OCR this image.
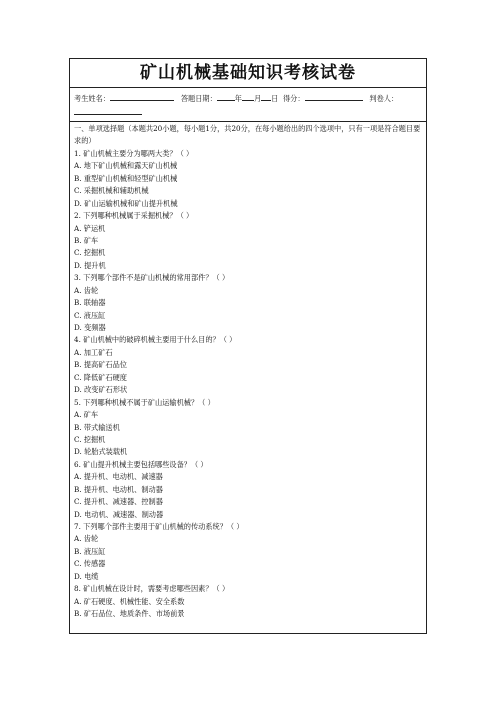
矿山机械基础知识考核试卷
考生姓名：	答题日期：	年 月 日 得分：	判卷人：
一、单项选择题（本题共20小题，每小题1分，共20分，在每小题给出的四个选项中，只有一项是符合题目要求的）
1. 矿山机械主要分为哪两大类？（ ）
A. 地下矿山机械和露天矿山机械
B. 重型矿山机械和轻型矿山机械
C. 采掘机械和辅助机械
D. 矿山运输机械和矿山提升机械
2. 下列哪种机械属于采掘机械？（ ）
A. 铲运机
B. 矿车
C. 挖掘机
D. 提升机
3. 下列哪个部件不是矿山机械的常用部件？（ ）
A. 齿轮
B. 联轴器
C. 液压缸
D. 变频器
4. 矿山机械中的破碎机械主要用于什么目的？（ ）
A. 加工矿石
B. 提高矿石品位
C. 降低矿石硬度
D. 改变矿石形状
5. 下列哪种机械不属于矿山运输机械？（ ）
A. 矿车
B. 带式输送机
C. 挖掘机
D. 轮胎式装载机
6. 矿山提升机械主要包括哪些设备？（ ）
A. 提升机、电动机、减速器
B. 提升机、电动机、制动器
C. 提升机、减速器、控制器
D. 电动机、减速器、制动器
7. 下列哪个部件主要用于矿山机械的传动系统？（ ）
A. 齿轮
B. 液压缸
C. 传感器
D. 电缆
8. 矿山机械在设计时，需要考虑哪些因素？（ ）
A. 矿石硬度、机械性能、安全系数
B. 矿石品位、地质条件、市场前景
